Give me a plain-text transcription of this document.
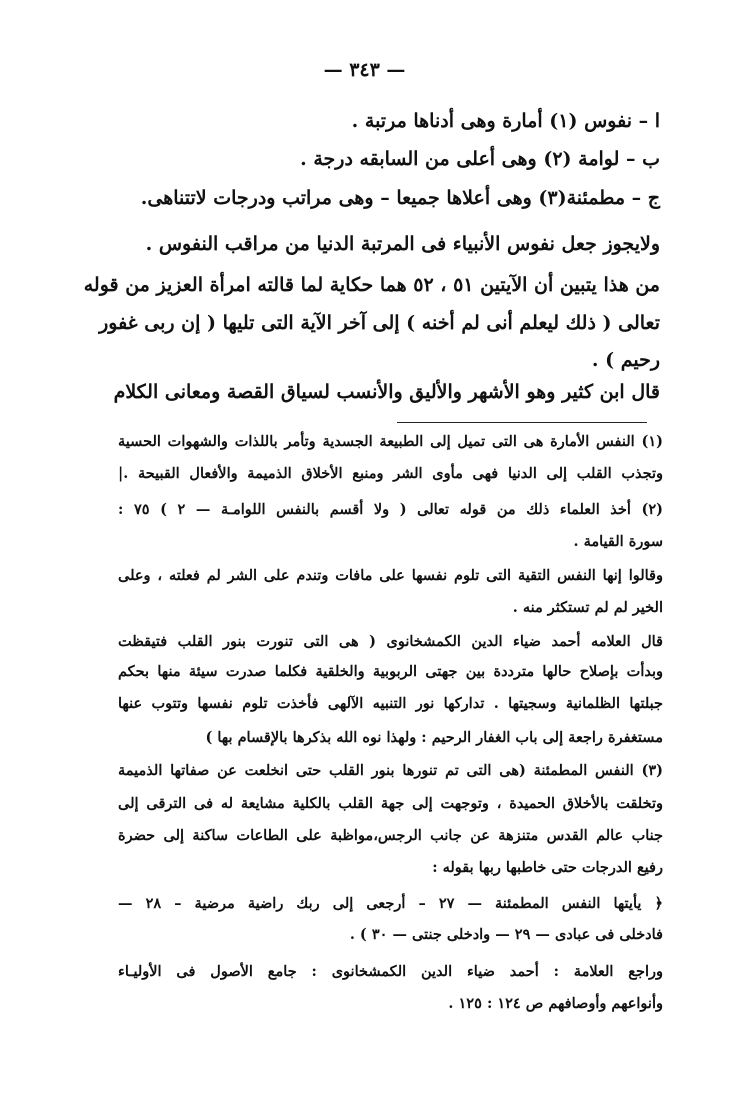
— ٣٤٣ —
ا – نفوس (١) أمارة وهى أدناها مرتبة .
ب – لوامة (٢) وهى أعلى من السابقه درجة .
ج – مطمئنة(٣) وهى أعلاها جميعا – وهى مراتب ودرجات لاتتناهى.
ولايجوز جعل نفوس الأنبياء فى المرتبة الدنيا من مراقب النفوس .
من هذا يتبين أن الآيتين ٥١ ، ٥٢ هما حكاية لما قالته امرأة العزيز من قوله
تعالى ( ذلك ليعلم أنى لم أخنه ) إلى آخر الآية التى تليها ( إن ربى غفور
رحيم ) .
قال ابن كثير وهو الأشهر والأليق والأنسب لسياق القصة ومعانى الكلام
(١) النفس الأمارة هى التى تميل إلى الطبيعة الجسدية وتأمر باللذات والشهوات الحسية
وتجذب القلب إلى الدنيا فهى مأوى الشر ومنبع الأخلاق الذميمة والأفعال القبيحة .|
(٢) أخذ العلماء ذلك من قوله تعالى ( ولا أقسم بالنفس اللوامـة — ٢ ) ٧٥ :
سورة القيامة .
وقالوا إنها النفس التقية التى تلوم نفسها على مافات وتندم على الشر لم فعلته ، وعلى
الخير لم لم تستكثر منه .
قال العلامه أحمد ضياء الدين الكمشخانوى ( هى التى تنورت بنور القلب فتيقظت
وبدأت بإصلاح حالها مترددة بين جهتى الربوبية والخلقية فكلما صدرت سيئة منها بحكم
جبلتها الظلمانية وسجيتها . تداركها نور التنبيه الآلهى فأخذت تلوم نفسها وتتوب عنها
مستغفرة راجعة إلى باب الغفار الرحيم : ولهذا نوه الله بذكرها بالإقسام بها )
(٣) النفس المطمئنة (هى التى تم تنورها بنور القلب حتى انخلعت عن صفاتها الذميمة
وتخلقت بالأخلاق الحميدة ، وتوجهت إلى جهة القلب بالكلية مشايعة له فى الترقى إلى
جناب عالم القدس متنزهة عن جانب الرجس،مواظبة على الطاعات ساكنة إلى حضرة
رفيع الدرجات حتى خاطبها ربها بقوله :
﴿ يأيتها النفس المطمئنة — ٢٧ – أرجعى إلى ربك راضية مرضية – ٢٨ —
فادخلى فى عبادى — ٢٩ — وادخلى جنتى — ٣٠ ) .
وراجع العلامة : أحمد ضياء الدين الكمشخانوى : جامع الأصول فى الأوليـاء
وأنواعهم وأوصافهم ص ١٢٤ : ١٢٥ .
